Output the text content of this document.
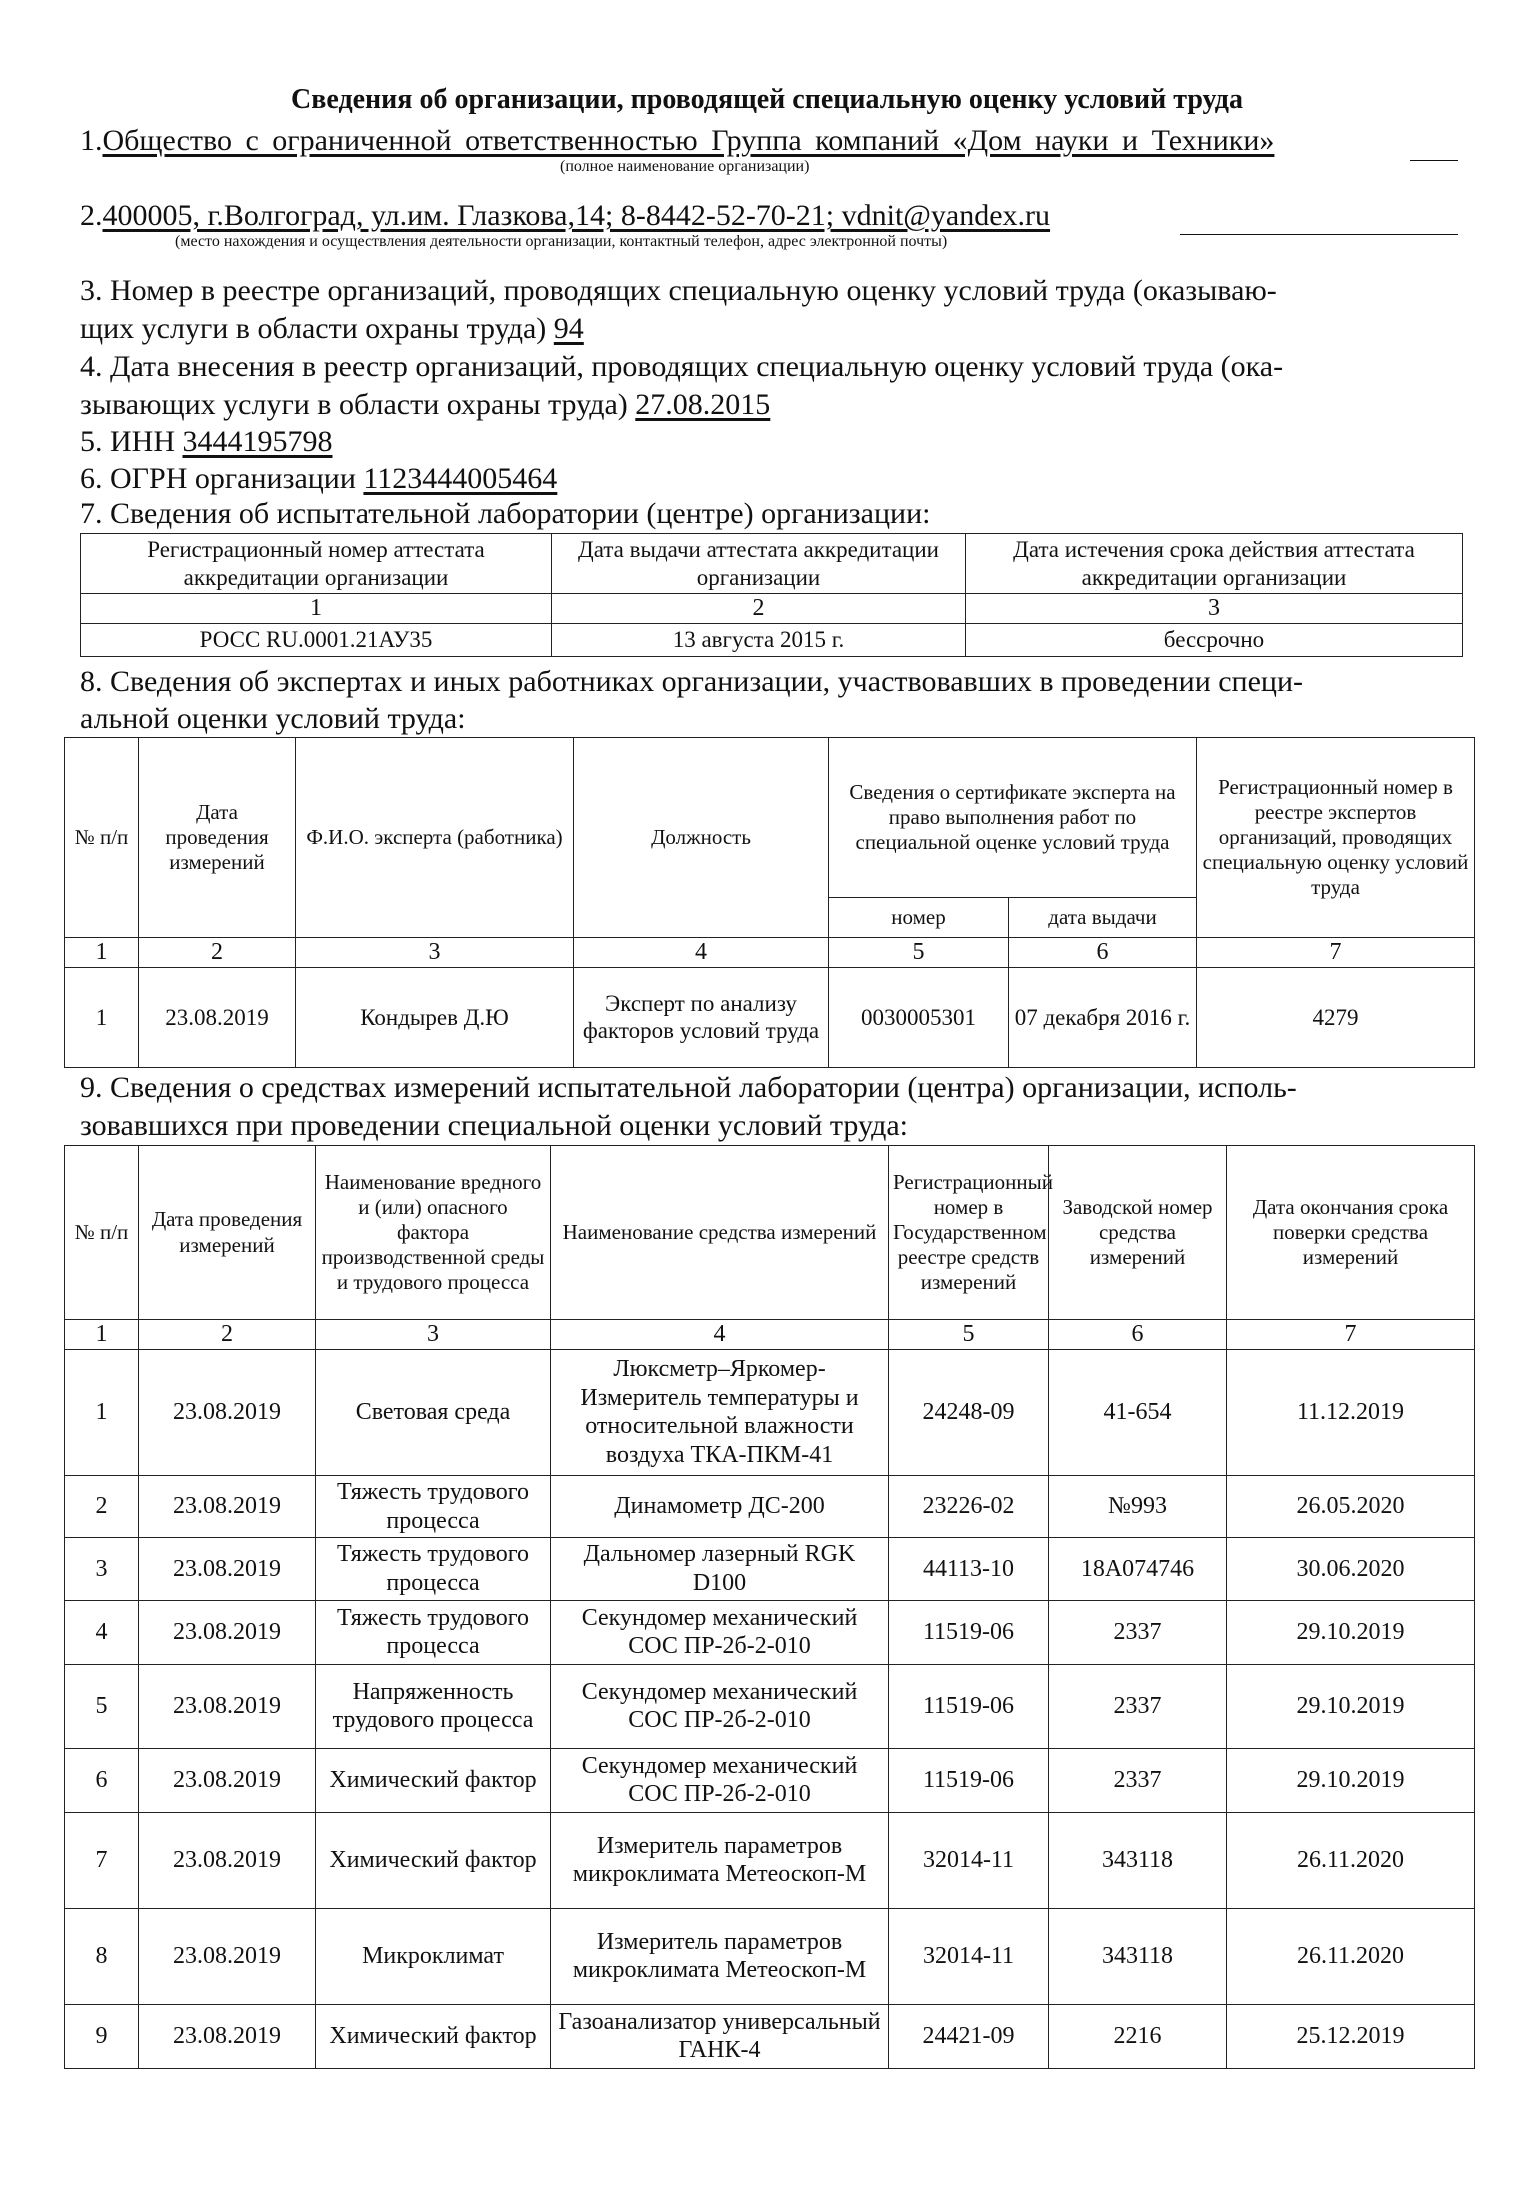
Сведения об организации, проводящей специальную оценку условий труда
1.Общество с ограниченной ответственностью Группа компаний «Дом науки и Техники»
(полное наименование организации)
2.400005, г.Волгоград, ул.им. Глазкова,14; 8-8442-52-70-21; vdnit@yandex.ru
(место нахождения и осуществления деятельности организации, контактный телефон, адрес электронной почты)
3. Номер в реестре организаций, проводящих специальную оценку условий труда (оказываю-
щих услуги в области охраны труда) 94
4. Дата внесения в реестр организаций, проводящих специальную оценку условий труда (ока-
зывающих услуги в области охраны труда) 27.08.2015
5. ИНН 3444195798
6. ОГРН организации 1123444005464
7. Сведения об испытательной лаборатории (центре) организации:
Регистрационный номер аттестата аккредитации организации	Дата выдачи аттестата аккредитации организации	Дата истечения срока действия аттестата аккредитации организации
1	2	3
РОСС RU.0001.21АУ35	13 августа 2015 г.	бессрочно
8. Сведения об экспертах и иных работниках организации, участвовавших в проведении специ-
альной оценки условий труда:
№ п/п	Дата проведения измерений	Ф.И.О. эксперта (работника)	Должность	Сведения о сертификате эксперта на право выполнения работ по специальной оценке условий труда		Регистрационный номер в реестре экспертов организаций, проводящих специальную оценку условий труда
				номер	дата выдачи	
1	2	3	4	5	6	7
1	23.08.2019	Кондырев Д.Ю	Эксперт по анализу факторов условий труда	0030005301	07 декабря 2016 г.	4279
9. Сведения о средствах измерений испытательной лаборатории (центра) организации, исполь-
зовавшихся при проведении специальной оценки условий труда:
№ п/п	Дата проведения измерений	Наименование вредного и (или) опасного фактора производственной среды и трудового процесса	Наименование средства измерений	Регистрационный номер в Государственном реестре средств измерений	Заводской номер средства измерений	Дата окончания срока поверки средства измерений
1	2	3	4	5	6	7
1	23.08.2019	Световая среда	Люксметр–Яркомер-Измеритель температуры и относительной влажности воздуха ТКА-ПКМ-41	24248-09	41-654	11.12.2019
2	23.08.2019	Тяжесть трудового процесса	Динамометр ДС-200	23226-02	№993	26.05.2020
3	23.08.2019	Тяжесть трудового процесса	Дальномер лазерный RGK D100	44113-10	18А074746	30.06.2020
4	23.08.2019	Тяжесть трудового процесса	Секундомер механический СОС ПР-2б-2-010	11519-06	2337	29.10.2019
5	23.08.2019	Напряженность трудового процесса	Секундомер механический СОС ПР-2б-2-010	11519-06	2337	29.10.2019
6	23.08.2019	Химический фактор	Секундомер механический СОС ПР-2б-2-010	11519-06	2337	29.10.2019
7	23.08.2019	Химический фактор	Измеритель параметров микроклимата Метеоскоп-М	32014-11	343118	26.11.2020
8	23.08.2019	Микроклимат	Измеритель параметров микроклимата Метеоскоп-М	32014-11	343118	26.11.2020
9	23.08.2019	Химический фактор	Газоанализатор универсальный ГАНК-4	24421-09	2216	25.12.2019
